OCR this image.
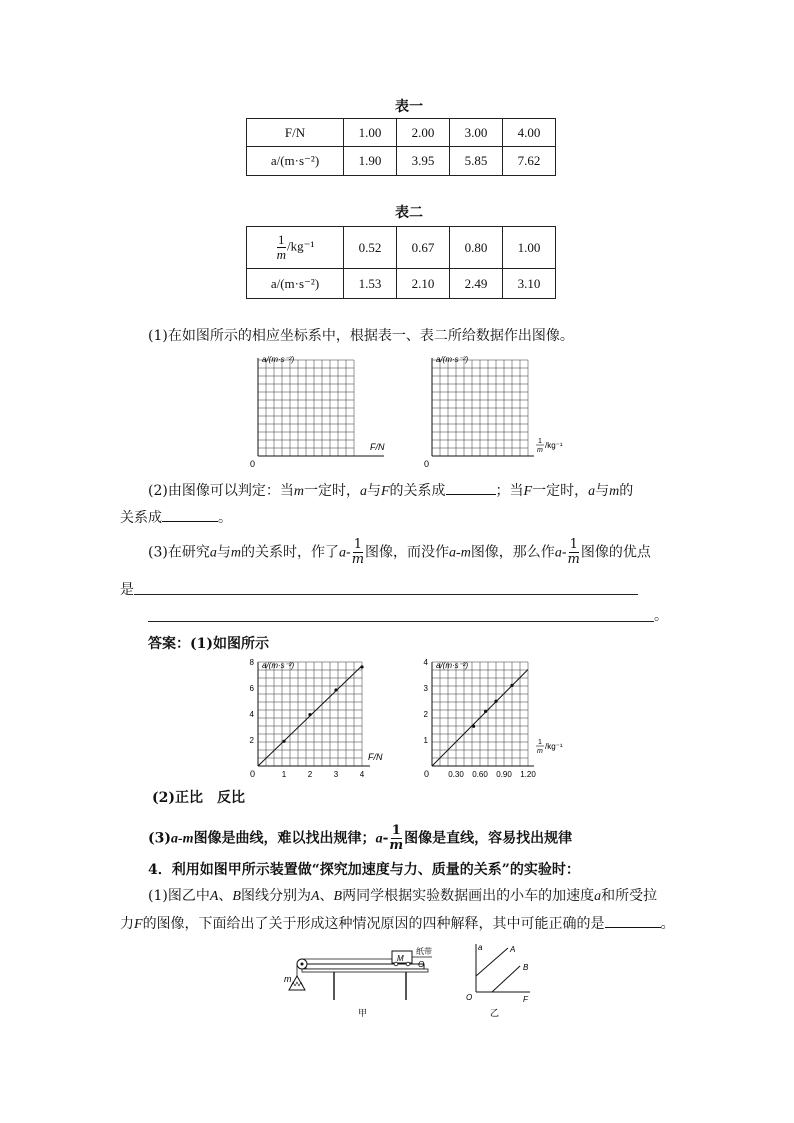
表一
F/N	1.00	2.00	3.00	4.00
a/(m·s⁻²)	1.90	3.95	5.85	7.62
表二
$\frac{1}{m} /kg^{-1}$	0.52	0.67	0.80	1.00
a/(m·s⁻²)	1.53	2.10	2.49	3.10
(1)在如图所示的相应坐标系中，根据表一、表二所给数据作出图像。
a/(m·s⁻²)
F/N
0
a/(m·s⁻²)
1
m
/kg⁻¹
0
(2)由图像可以判定：当m一定时，a与F的关系成	；当F一定时，a与m的
关系成	。
(3)在研究a与m的关系时，作了$a- \frac{1}{m}$ 图像，而没作a-m图像，那么作$a- \frac{1}{m}$ 图像的优点
是
。
答案：(1)如图所示
a/(m·s⁻²)
F/N
0	1	2	3	4
8
6
4
2
a/(m·s⁻²)
1
m
/kg⁻¹
0 0.30 0.60 0.90 1.20
4
3
2
1
(2)正比　反比
(3)a-m图像是曲线，难以找出规律；$a- \frac{1}{m}$ 图像是直线，容易找出规律
4．利用如图甲所示装置做“探究加速度与力、质量的关系”的实验时：
(1)图乙中A、B图线分别为A、B两同学根据实验数据画出的小车的加速度a和所受拉
力F的图像，下面给出了关于形成这种情况原因的四种解释，其中可能正确的是	。
m
M
纸带
O
甲
a	A
B
O	F
乙
